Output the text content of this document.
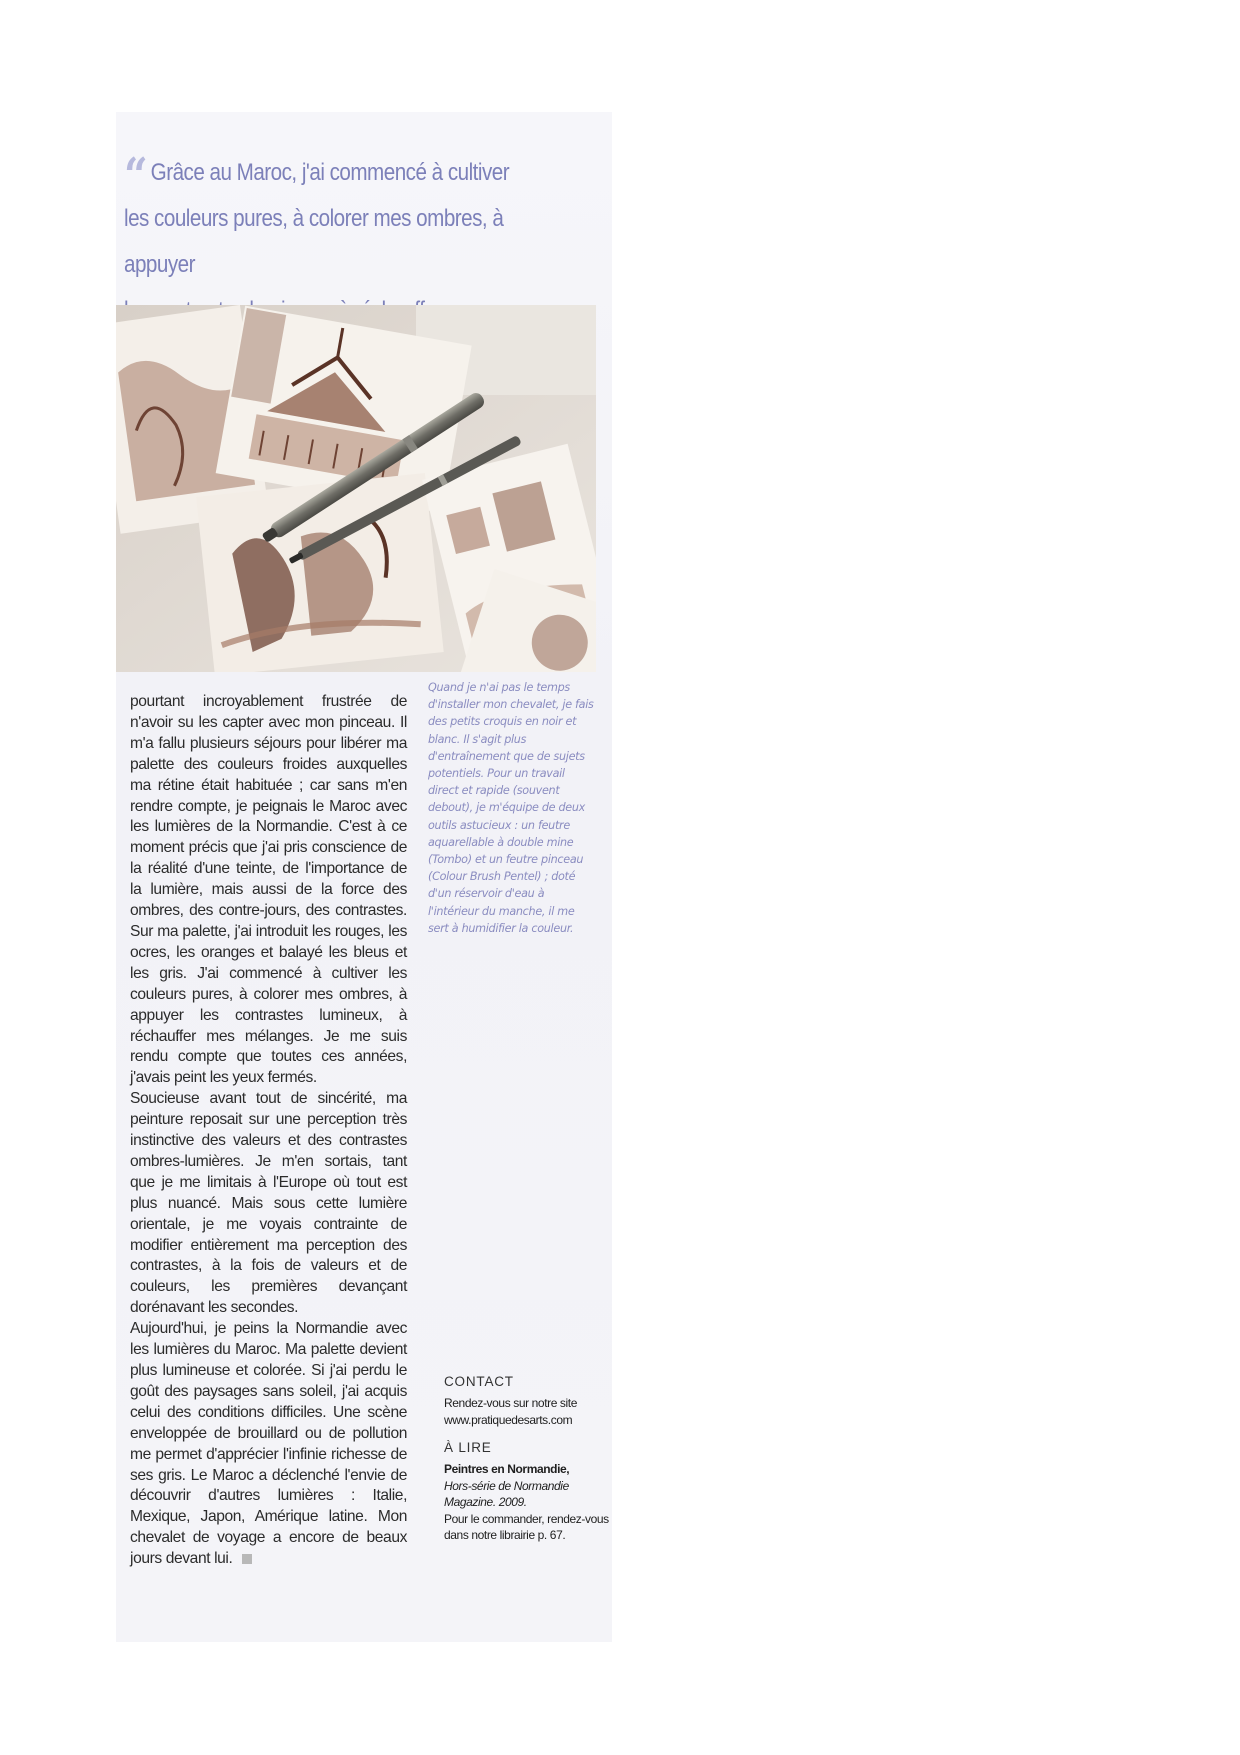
“ Grâce au Maroc, j'ai commencé à cultiver
les couleurs pures, à colorer mes ombres, à appuyer

pourtant incroyablement frustrée de n'avoir su les capter avec mon pinceau. Il m'a fallu plusieurs séjours pour libérer ma palette des couleurs froides auxquelles ma rétine était habituée ; car sans m'en rendre compte, je peignais le Maroc avec les lumières de la Normandie. C'est à ce moment précis que j'ai pris conscience de la réalité d'une teinte, de l'importance de la lumière, mais aussi de la force des ombres, des contre-jours, des contrastes. Sur ma palette, j'ai introduit les rouges, les ocres, les oranges et balayé les bleus et les gris. J'ai commencé à cultiver les couleurs pures, à colorer mes ombres, à appuyer les contrastes lumineux, à réchauffer mes mélanges. Je me suis rendu compte que toutes ces années, j'avais peint les yeux fermés.

Soucieuse avant tout de sincérité, ma peinture reposait sur une perception très instinctive des valeurs et des contrastes ombres-lumières. Je m'en sortais, tant que je me limitais à l'Europe où tout est plus nuancé. Mais sous cette lumière orientale, je me voyais contrainte de modifier entièrement ma perception des contrastes, à la fois de valeurs et de couleurs, les premières devançant dorénavant les secondes.

Aujourd'hui, je peins la Normandie avec les lumières du Maroc. Ma palette devient plus lumineuse et colorée. Si j'ai perdu le goût des paysages sans soleil, j'ai acquis celui des conditions difficiles. Une scène enveloppée de brouillard ou de pollution me permet d'apprécier l'infinie richesse de ses gris. Le Maroc a déclenché l'envie de découvrir d'autres lumières : Italie, Mexique, Japon, Amérique latine. Mon chevalet de voyage a encore de beaux jours devant lui.

Quand je n'ai pas le temps d'installer mon chevalet, je fais des petits croquis en noir et blanc. Il s'agit plus d'entraînement que de sujets potentiels. Pour un travail direct et rapide (souvent debout), je m'équipe de deux outils astucieux : un feutre aquarellable à double mine (Tombo) et un feutre pinceau (Colour Brush Pentel) ; doté d'un réservoir d'eau à l'intérieur du manche, il me sert à humidifier la couleur.
CONTACT
Rendez-vous sur notre site
www.pratiquedesarts.com
À LIRE
Peintres en Normandie,
Hors-série de Normandie Magazine. 2009.
Pour le commander, rendez-vous dans notre librairie p. 67.
